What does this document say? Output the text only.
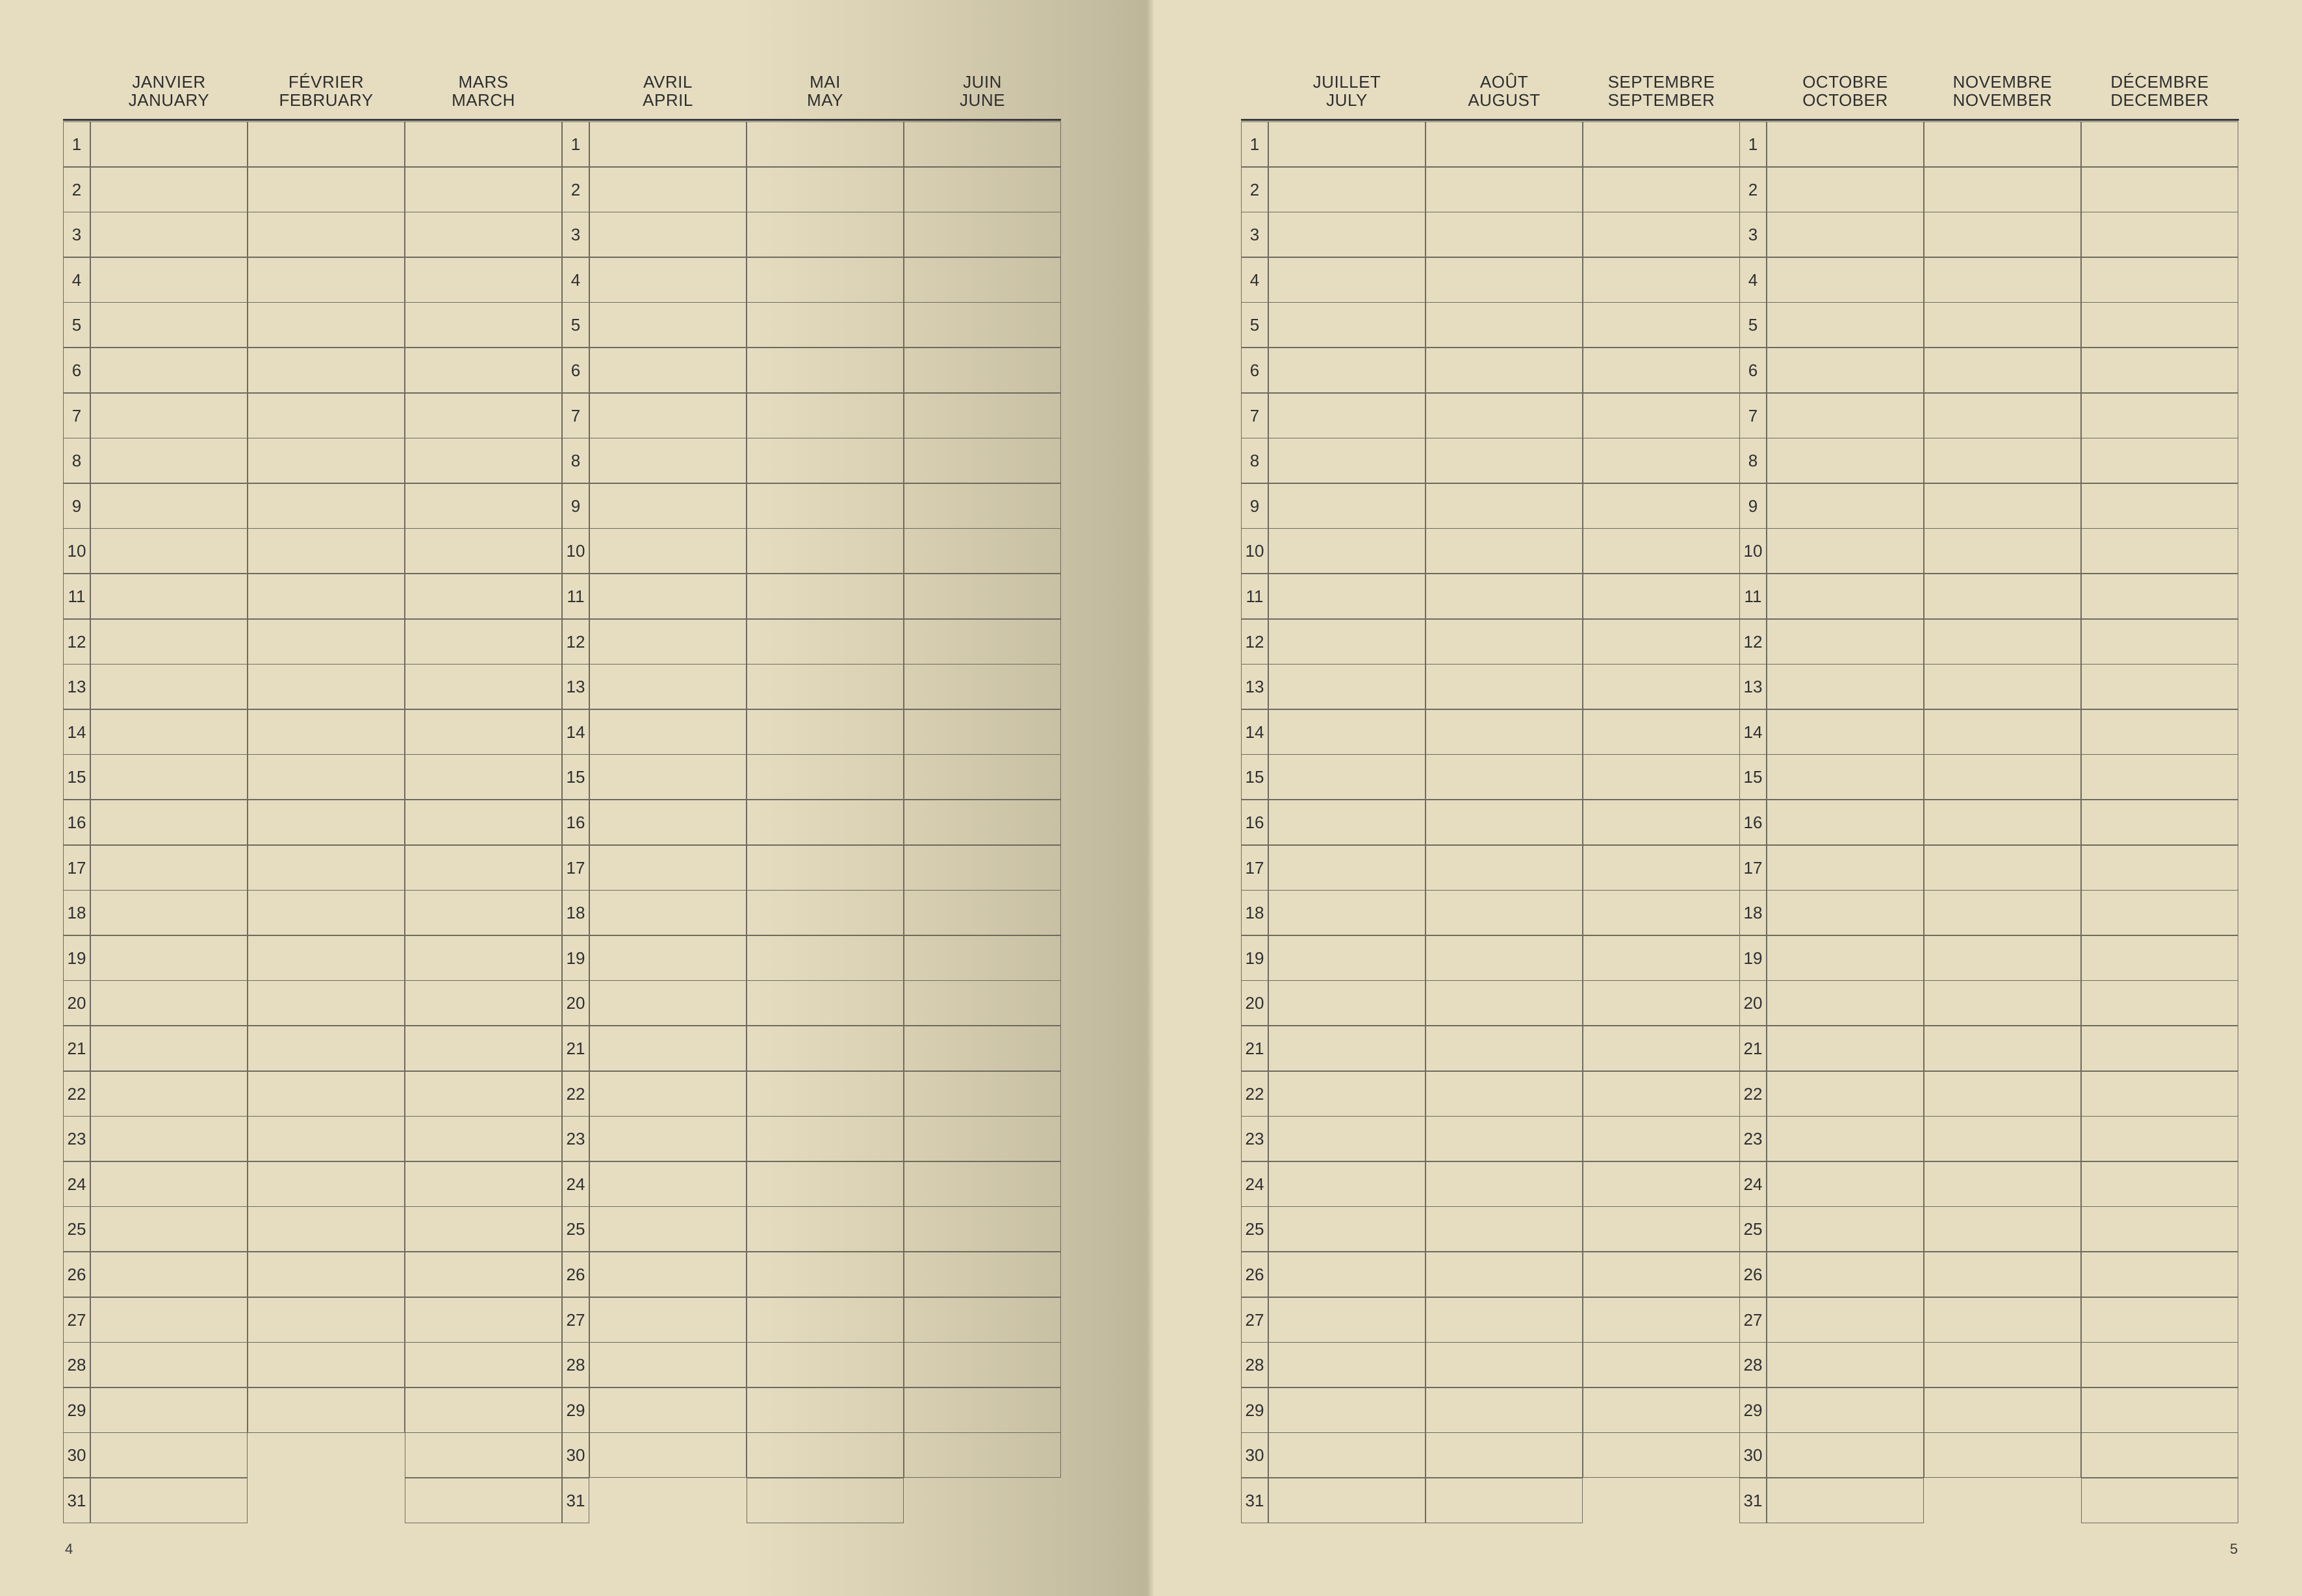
1
2
3
4
5
6
7
8
9
10
11
12
13
14
15
16
17
18
19
20
21
22
23
24
25
26
27
28
29
30
31
JANVIER
JANUARY
FÉVRIER
FEBRUARY
MARS
MARCH
1
2
3
4
5
6
7
8
9
10
11
12
13
14
15
16
17
18
19
20
21
22
23
24
25
26
27
28
29
30
31
AVRIL
APRIL
MAI
MAY
JUIN
JUNE
4
1
2
3
4
5
6
7
8
9
10
11
12
13
14
15
16
17
18
19
20
21
22
23
24
25
26
27
28
29
30
31
JUILLET
JULY
AOÛT
AUGUST
SEPTEMBRE
SEPTEMBER
1
2
3
4
5
6
7
8
9
10
11
12
13
14
15
16
17
18
19
20
21
22
23
24
25
26
27
28
29
30
31
OCTOBRE
OCTOBER
NOVEMBRE
NOVEMBER
DÉCEMBRE
DECEMBER
5
